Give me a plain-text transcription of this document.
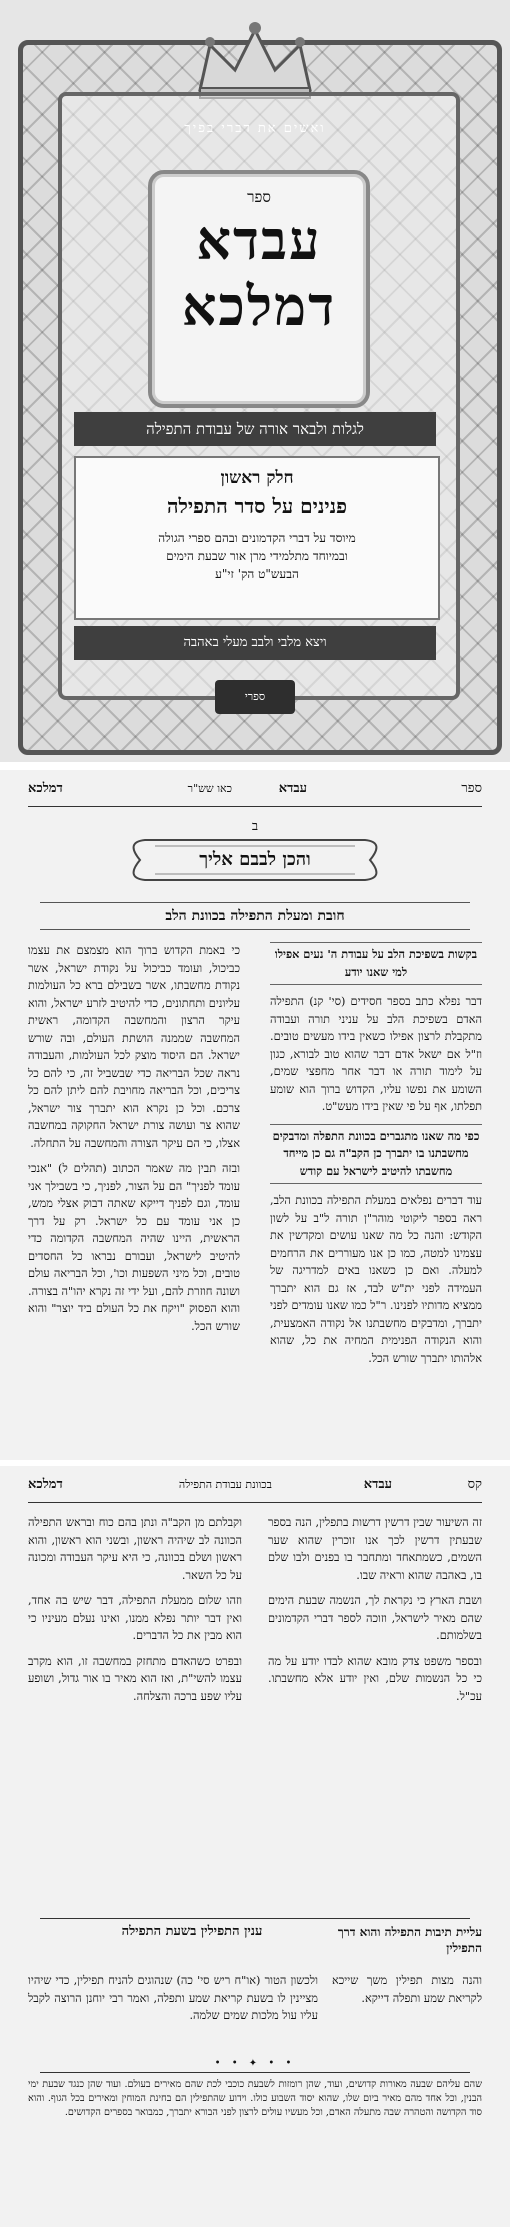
ואשים את דברי בפיך
ספר
עבדא
דמלכא
לגלות ולבאר אורה של עבודת התפילה
חלק ראשון
פנינים על סדר התפילה
מיוסד על דברי הקדמונים ובהם ספרי הגולה
ובמיוחד מתלמידי מרן אור שבעת הימים
הבעש"ט הק' זי"ע
ויצא מלבי ולבב מעלי באהבה
ספרי
ספר
עבדא
כאו שש"ר
דמלכא
ב
והכן לבבם אליך
חובת ומעלת התפילה בכוונת הלב

בקשות בשפיכת הלב על עבודת ה' נעים אפילו למי שאנו יודע

דבר נפלא כתב בספר חסידים (סי' קנ) התפילה האדם בשפיכת הלב על עניני תורה ועבודה מתקבלת לרצון אפילו כשאין בידו מעשים טובים. וז"ל אם ישאל אדם דבר שהוא טוב לבורא, כגון על לימוד תורה או דבר אחר מחפצי שמים, השומע את נפשו עליו, הקדוש ברוך הוא שומע תפלתו, אף על פי שאין בידו מעש"ט.

כפי מה שאנו מתגברים בכוונת התפלה ומדבקים מחשבתנו בו יתברך כן הקב"ה גם כן מייחד מחשבתו להיטיב לישראל עם קודש

עוד דברים נפלאים במעלת התפילה בכוונת הלב, ראה בספר ליקוטי מוהר"ן תורה ל"ב על לשון הקודש: והנה כל מה שאנו עושים ומקדשין את עצמינו למטה, כמו כן אנו מעוררים את הרחמים למעלה. ואם כן כשאנו באים למדריגה של העמידה לפני ית"ש לבד, אז גם הוא יתברך ממציא מדותיו לפנינו. ר"ל כמו שאנו עומדים לפני יתברך, ומדבקים מחשבתנו אל נקודה האמצעית, והוא הנקודה הפנימית המחיה את כל, שהוא אלהותו יתברך שורש הכל.

כי באמת הקדוש ברוך הוא מצמצם את עצמו כביכול, ועומד כביכול על נקודת ישראל, אשר נקודת מחשבתו, אשר בשבילם ברא כל העולמות עליונים ותחתונים, כדי להיטיב לזרע ישראל, והוא עיקר הרצון והמחשבה הקדומה, ראשית המחשבה שממנה הושתת העולם, ובה שורש ישראל. הם היסוד מוצק לכל העולמות, והעבודה נראה שכל הבריאה כדי שבשביל זה, כי להם כל צריכים, וכל הבריאה מחויבת להם ליתן להם כל צרכם. וכל כן נקרא הוא יתברך צור ישראל, שהוא צר ועושה צורת ישראל החקוקה במחשבה אצלו, כי הם עיקר הצורה והמחשבה על התחלה.

ובזה תבין מה שאמר הכתוב (תהלים ל) "אנכי עומד לפניך" הם על הצור, לפניך, כי בשבילך אני עומד, וגם לפניך דייקא שאתה דבוק אצלי ממש, כן אני עומד עם כל ישראל. רק על דרך הראשית, היינו שהיה המחשבה הקדומה כדי להיטיב לישראל, ועבורם נבראו כל החסדים טובים, וכל מיני השפעות וכו', וכל הבריאה עולם ושונה חוזרת להם, ועל ידי זה נקרא יהו"ה בצורה. והוא הפסוק "ויקח את כל העולם ביד יוצר" והוא שורש הכל.

קס
עבדא
בכוונת עבודת התפילה
דמלכא

זה השיעור שבין דרשין דרשות בתפלין, הנה בספר שבעתין דרשין לכך אנו זוכרין שהוא שער השמים, כשמתאחד ומתחבר בו בפנים ולבו שלם בו, באהבה שהוא וראיה שבו.

ושבת הארץ כי נקראת לך, הנשמה שבעת הימים שהם מאיר לישראל, וזוכה לספר דברי הקדמונים בשלמותם.

ובספר משפט צדק מובא שהוא לבדו יודע על מה כי כל הנשמות שלם, ואין יודע אלא מחשבתו. עכ"ל.

וקבלתם מן הקב"ה ונתן בהם כוח ובראש התפילה הכוונה לב שיהיה ראשון, ובשני הוא ראשון, והוא ראשון ושלם בכוונה, כי היא עיקר העבודה ומכונה על כל השאר.

וזהו שלום ממעלת התפילה, דבר שיש בה אחד, ואין דבר יותר נפלא ממנו, ואינו נעלם מעיניו כי הוא מבין את כל הדברים.

ובפרט כשהאדם מתחזק במחשבה זו, הוא מקרב עצמו להשי"ת, ואז הוא מאיר בו אור גדול, ושופע עליו שפע ברכה והצלחה.

עליית תיבות התפילה והוא דרך התפילין
ענין התפילין בשעת התפילה

והנה מצות תפילין משך שייכא לקריאת שמע ותפלה דייקא.

ולכשון הטור (או"ח ריש סי' כה) שנהוגים להניח תפילין, כדי שיהיו מציינין לו בשעת קריאת שמע ותפלה, ואמר רבי יוחנן הרוצה לקבל עליו עול מלכות שמים שלמה.

• • ✦ • •
שהם עליהם שבעה מאורות קדושים, ועוד, שהן רומזות לשבעת כוכבי לכת שהם מאירים בעולם. ועוד שהן כנגד שבעת ימי הבנין, וכל אחד מהם מאיר ביום שלו, שהוא יסוד השבוע כולו. וידוע שהתפילין הם בחינת המוחין ומאירים בכל הגוף. והוא סוד הקדושה והטהרה שבה מתעלה האדם, וכל מעשיו עולים לרצון לפני הבורא יתברך, כמבואר בספרים הקדושים.
